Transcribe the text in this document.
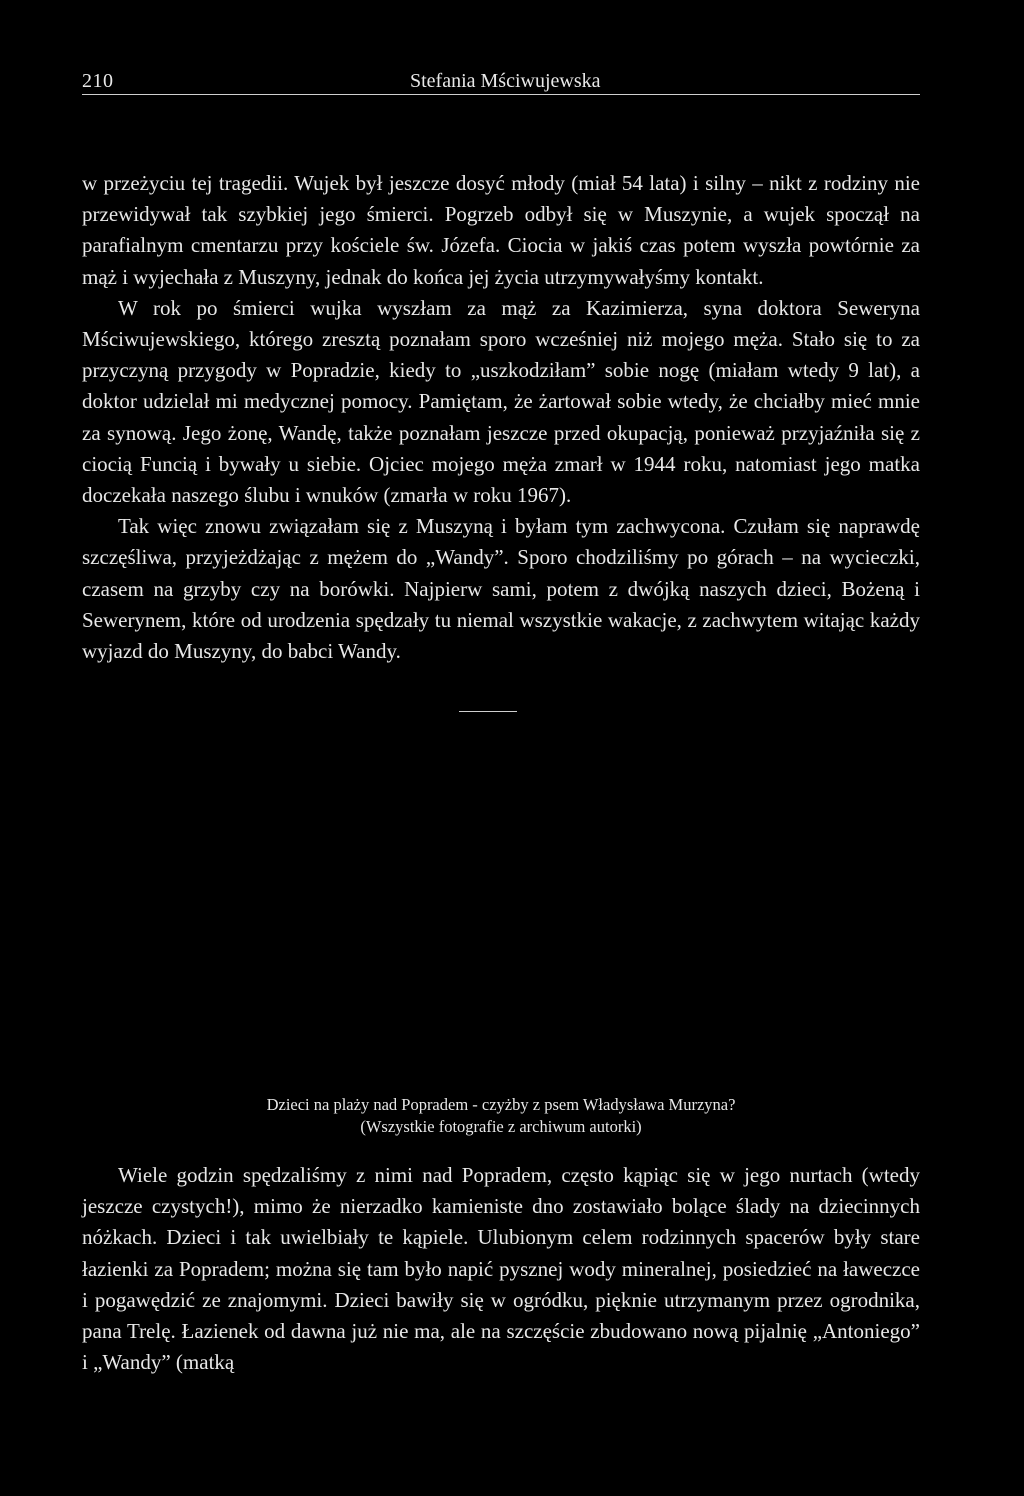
210	Stefania Mściwujewska

w przeżyciu tej tragedii. Wujek był jeszcze dosyć młody (miał 54 lata) i silny – nikt z rodziny nie przewidywał tak szybkiej jego śmierci. Pogrzeb odbył się w Muszynie, a wujek spoczął na parafialnym cmentarzu przy kościele św. Józefa. Ciocia w jakiś czas potem wyszła powtórnie za mąż i wyjechała z Muszyny, jednak do końca jej życia utrzymywałyśmy kontakt.

W rok po śmierci wujka wyszłam za mąż za Kazimierza, syna doktora Seweryna Mściwujewskiego, którego zresztą poznałam sporo wcześniej niż mojego męża. Stało się to za przyczyną przygody w Popradzie, kiedy to „uszkodziłam” sobie nogę (miałam wtedy 9 lat), a doktor udzielał mi medycznej pomocy. Pamiętam, że żartował sobie wtedy, że chciałby mieć mnie za synową. Jego żonę, Wandę, także poznałam jeszcze przed okupacją, ponieważ przyjaźniła się z ciocią Funcią i bywały u siebie. Ojciec mojego męża zmarł w 1944 roku, natomiast jego matka doczekała naszego ślubu i wnuków (zmarła w roku 1967).

Tak więc znowu związałam się z Muszyną i byłam tym zachwycona. Czułam się naprawdę szczęśliwa, przyjeżdżając z mężem do „Wandy”. Sporo chodziliśmy po górach – na wycieczki, czasem na grzyby czy na borówki. Najpierw sami, potem z dwójką naszych dzieci, Bożeną i Sewerynem, które od urodzenia spędzały tu niemal wszystkie wakacje, z zachwytem witając każdy wyjazd do Muszyny, do babci Wandy.

Dzieci na plaży nad Popradem - czyżby z psem Władysława Murzyna?
(Wszystkie fotografie z archiwum autorki)

Wiele godzin spędzaliśmy z nimi nad Popradem, często kąpiąc się w jego nurtach (wtedy jeszcze czystych!), mimo że nierzadko kamieniste dno zostawiało bolące ślady na dziecinnych nóżkach. Dzieci i tak uwielbiały te kąpiele. Ulubionym celem rodzinnych spacerów były stare łazienki za Popradem; można się tam było napić pysznej wody mineralnej, posiedzieć na ławeczce i pogawędzić ze znajomymi. Dzieci bawiły się w ogródku, pięknie utrzymanym przez ogrodnika, pana Trelę. Łazienek od dawna już nie ma, ale na szczęście zbudowano nową pijalnię „Antoniego” i „Wandy” (matką
